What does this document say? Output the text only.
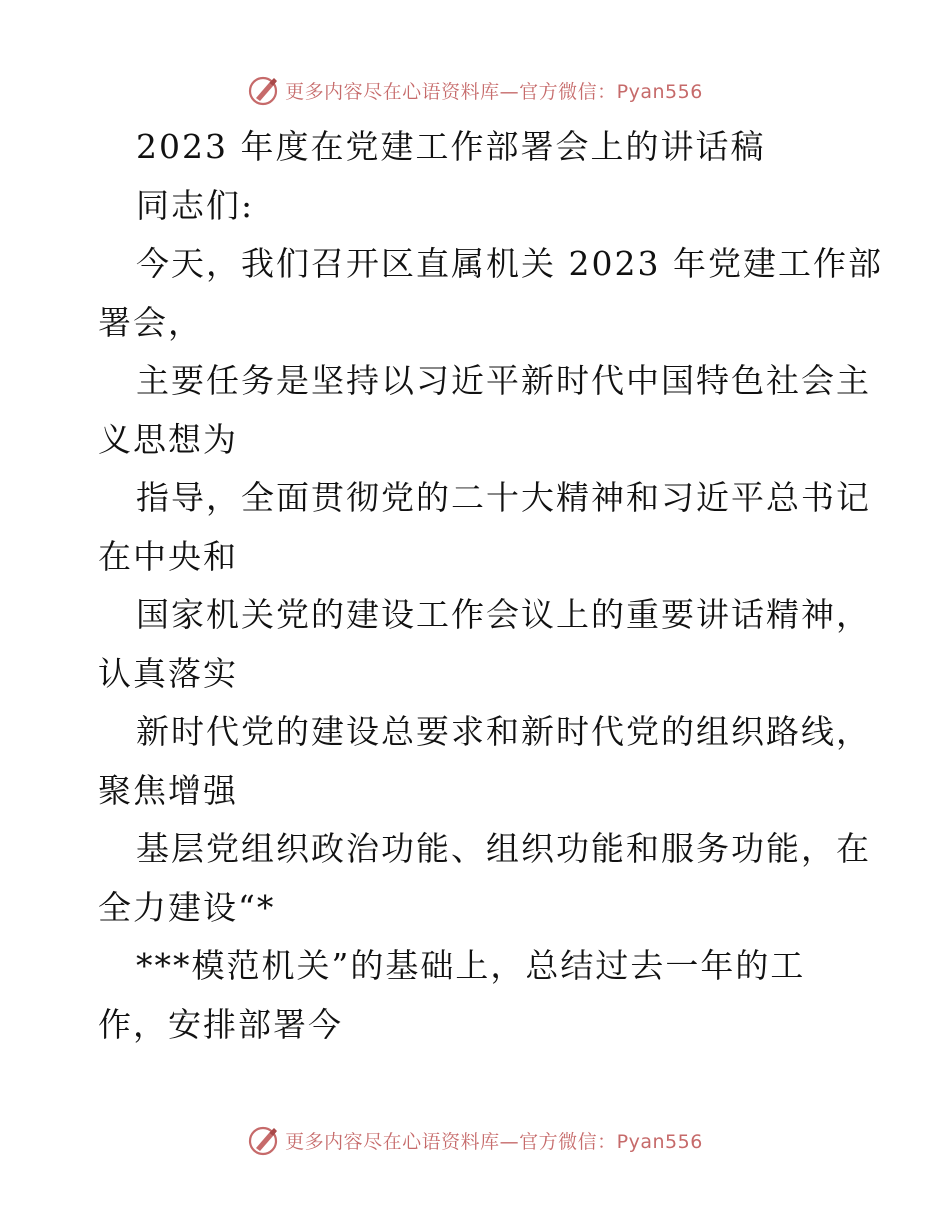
更多内容尽在心语资料库—官方微信：Pyan556
2023 年度在党建工作部署会上的讲话稿
同志们:
今天，我们召开区直属机关 2023 年党建工作部
署会，
主要任务是坚持以习近平新时代中国特色社会主
义思想为
指导，全面贯彻党的二十大精神和习近平总书记
在中央和
国家机关党的建设工作会议上的重要讲话精神，
认真落实
新时代党的建设总要求和新时代党的组织路线，
聚焦增强
基层党组织政治功能、组织功能和服务功能，在
全力建设“*
***模范机关”的基础上，总结过去一年的工
作，安排部署今
更多内容尽在心语资料库—官方微信：Pyan556
